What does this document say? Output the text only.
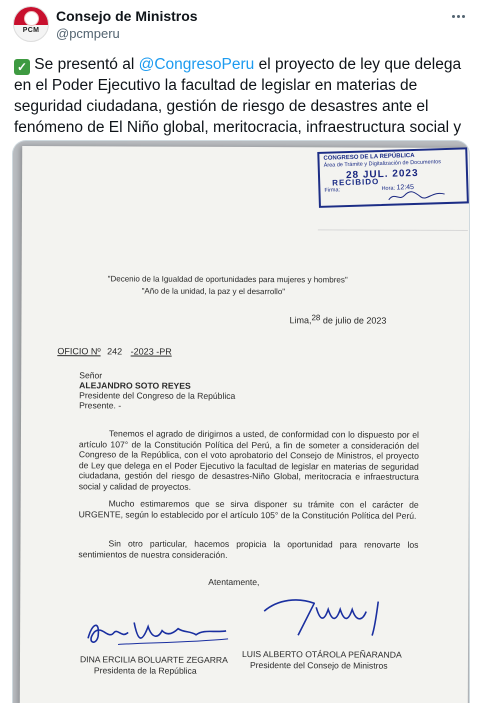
PCM
Consejo de Ministros
@pcmperu

✓ Se presentó al @CongresoPeru el proyecto de ley que delega en el Poder Ejecutivo la facultad de legislar en materias de seguridad ciudadana, gestión de riesgo de desastres ante el fenómeno de El Niño global, meritocracia, infraestructura social y

CONGRESO DE LA REPÚBLICA
Área de Trámite y Digitalización de Documentos
28 JUL. 2023
RECIBIDO
Firma:	Hora: 12:45
"Decenio de la Igualdad de oportunidades para mujeres y hombres"
"Año de la unidad, la paz y el desarrollo"
Lima,28 de julio de 2023
OFICIO Nº 242 -2023 -PR
Señor
ALEJANDRO SOTO REYES
Presidente del Congreso de la República
Presente. -
Tenemos el agrado de dirigirnos a usted, de conformidad con lo dispuesto por el artículo 107° de la Constitución Política del Perú, a fin de someter a consideración del Congreso de la República, con el voto aprobatorio del Consejo de Ministros, el proyecto de Ley que delega en el Poder Ejecutivo la facultad de legislar en materias de seguridad ciudadana, gestión del riesgo de desastres-Niño Global, meritocracia e infraestructura social y calidad de proyectos.
Mucho estimaremos que se sirva disponer su trámite con el carácter de URGENTE, según lo establecido por el artículo 105° de la Constitución Política del Perú.
Sin otro particular, hacemos propicia la oportunidad para renovarte los sentimientos de nuestra consideración.
Atentamente,
DINA ERCILIA BOLUARTE ZEGARRA
Presidenta de la República
LUIS ALBERTO OTÁROLA PEÑARANDA
Presidente del Consejo de Ministros
